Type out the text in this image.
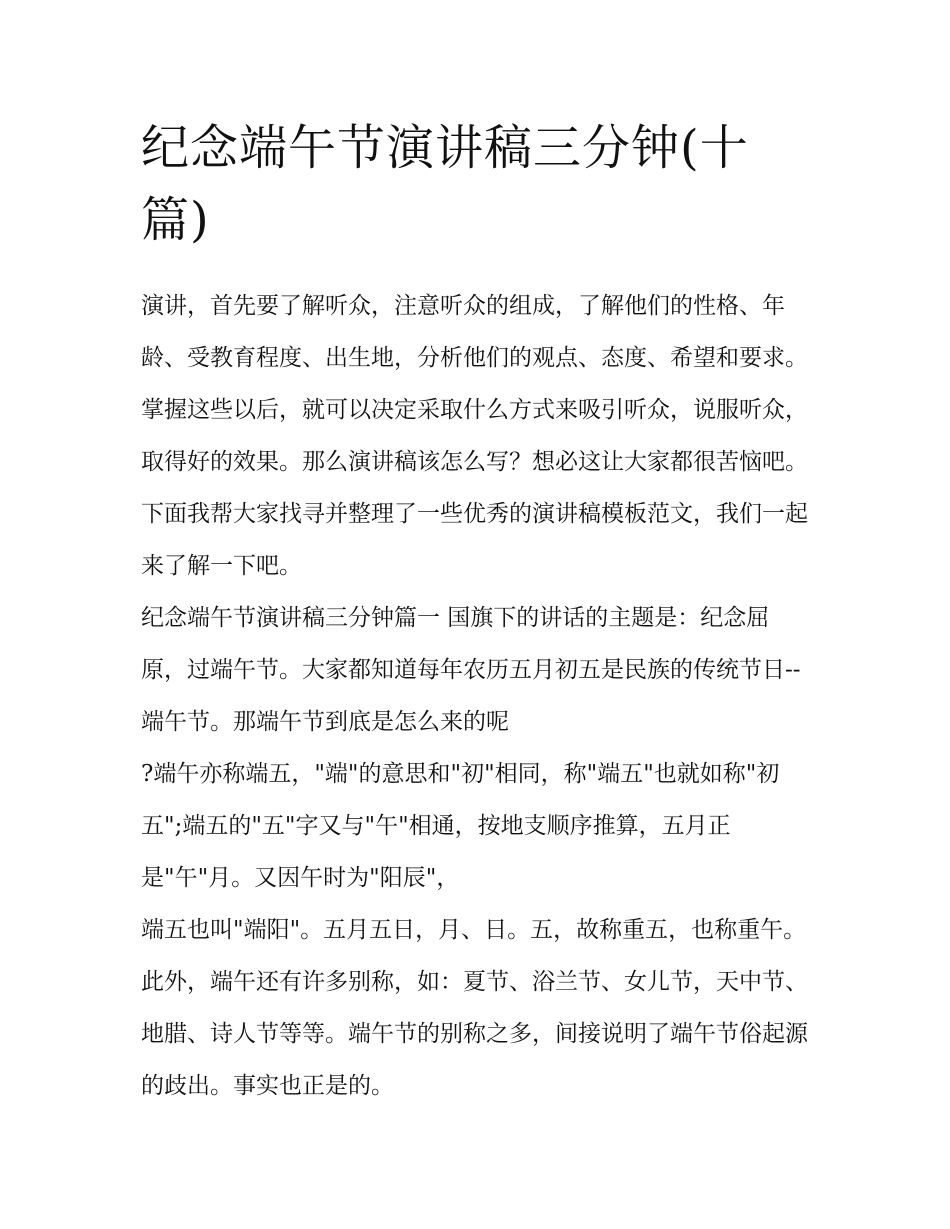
纪念端午节演讲稿三分钟(十篇)

演讲，首先要了解听众，注意听众的组成，了解他们的性格、年龄、受教育程度、出生地，分析他们的观点、态度、希望和要求。掌握这些以后，就可以决定采取什么方式来吸引听众，说服听众，取得好的效果。那么演讲稿该怎么写？想必这让大家都很苦恼吧。下面我帮大家找寻并整理了一些优秀的演讲稿模板范文，我们一起来了解一下吧。

纪念端午节演讲稿三分钟篇一 国旗下的讲话的主题是：纪念屈原，过端午节。大家都知道每年农历五月初五是民族的传统节日--端午节。那端午节到底是怎么来的呢

?端午亦称端五，"端"的意思和"初"相同，称"端五"也就如称"初五";端五的"五"字又与"午"相通，按地支顺序推算，五月正是"午"月。又因午时为"阳辰"，

端五也叫"端阳"。五月五日，月、日。五，故称重五，也称重午。此外，端午还有许多别称，如：夏节、浴兰节、女儿节，天中节、地腊、诗人节等等。端午节的别称之多，间接说明了端午节俗起源的歧出。事实也正是的。
